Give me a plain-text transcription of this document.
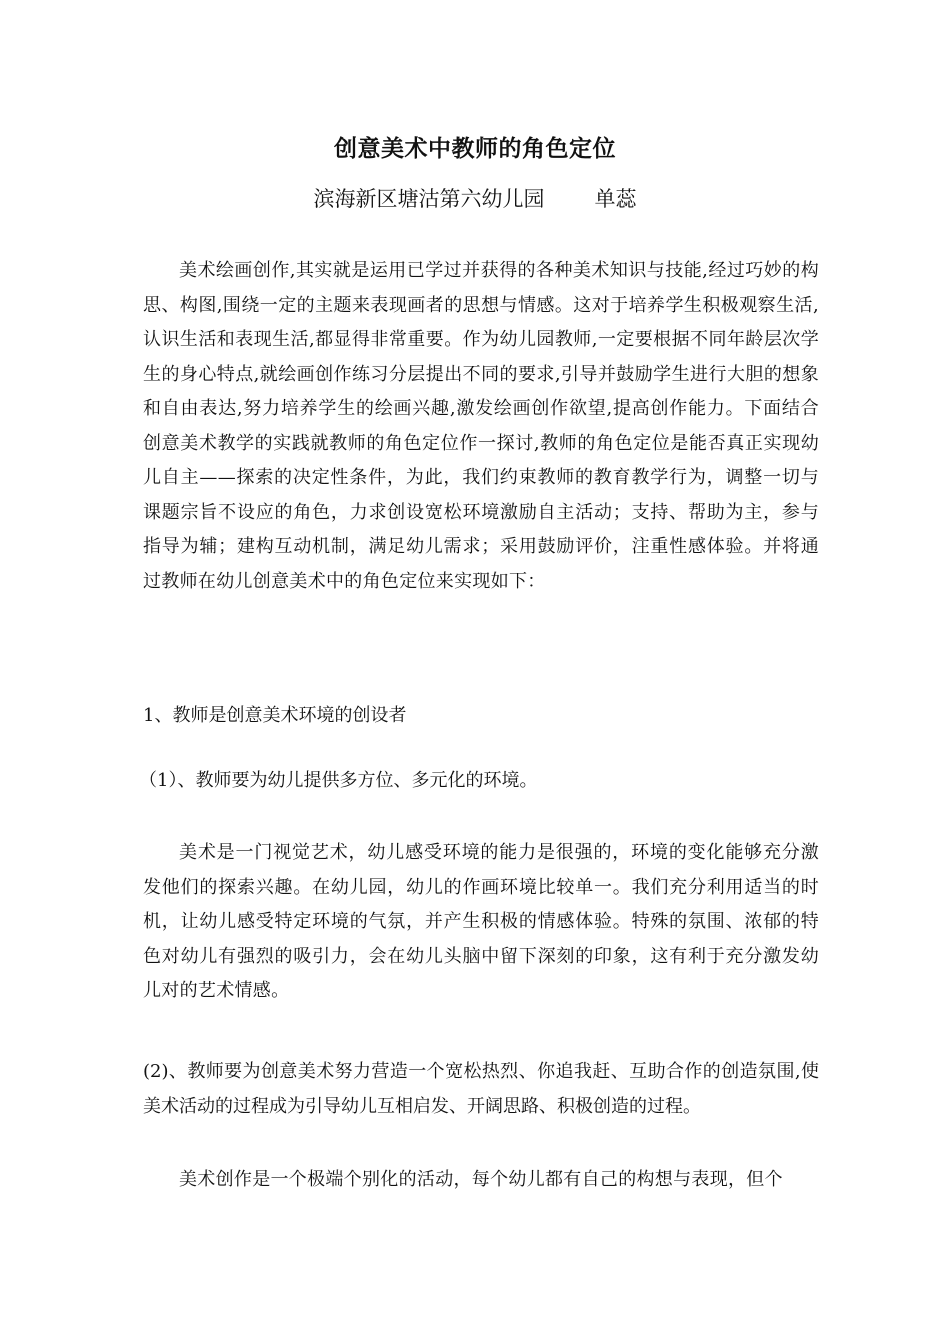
创意美术中教师的角色定位
滨海新区塘沽第六幼儿园 单蕊

美术绘画创作,其实就是运用已学过并获得的各种美术知识与技能,经过巧妙的构思、构图,围绕一定的主题来表现画者的思想与情感。这对于培养学生积极观察生活,认识生活和表现生活,都显得非常重要。作为幼儿园教师,一定要根据不同年龄层次学生的身心特点,就绘画创作练习分层提出不同的要求,引导并鼓励学生进行大胆的想象和自由表达,努力培养学生的绘画兴趣,激发绘画创作欲望,提高创作能力。下面结合创意美术教学的实践就教师的角色定位作一探讨,教师的角色定位是能否真正实现幼儿自主——探索的决定性条件，为此，我们约束教师的教育教学行为，调整一切与课题宗旨不设应的角色，力求创设宽松环境激励自主活动；支持、帮助为主，参与指导为辅；建构互动机制，满足幼儿需求；采用鼓励评价，注重性感体验。并将通过教师在幼儿创意美术中的角色定位来实现如下：

1、教师是创意美术环境的创设者
（1）、教师要为幼儿提供多方位、多元化的环境。

美术是一门视觉艺术，幼儿感受环境的能力是很强的，环境的变化能够充分激发他们的探索兴趣。在幼儿园，幼儿的作画环境比较单一。我们充分利用适当的时机，让幼儿感受特定环境的气氛，并产生积极的情感体验。特殊的氛围、浓郁的特色对幼儿有强烈的吸引力，会在幼儿头脑中留下深刻的印象，这有利于充分激发幼儿对的艺术情感。

(2)、教师要为创意美术努力营造一个宽松热烈、你追我赶、互助合作的创造氛围,使美术活动的过程成为引导幼儿互相启发、开阔思路、积极创造的过程。

美术创作是一个极端个别化的活动，每个幼儿都有自己的构想与表现，但个
